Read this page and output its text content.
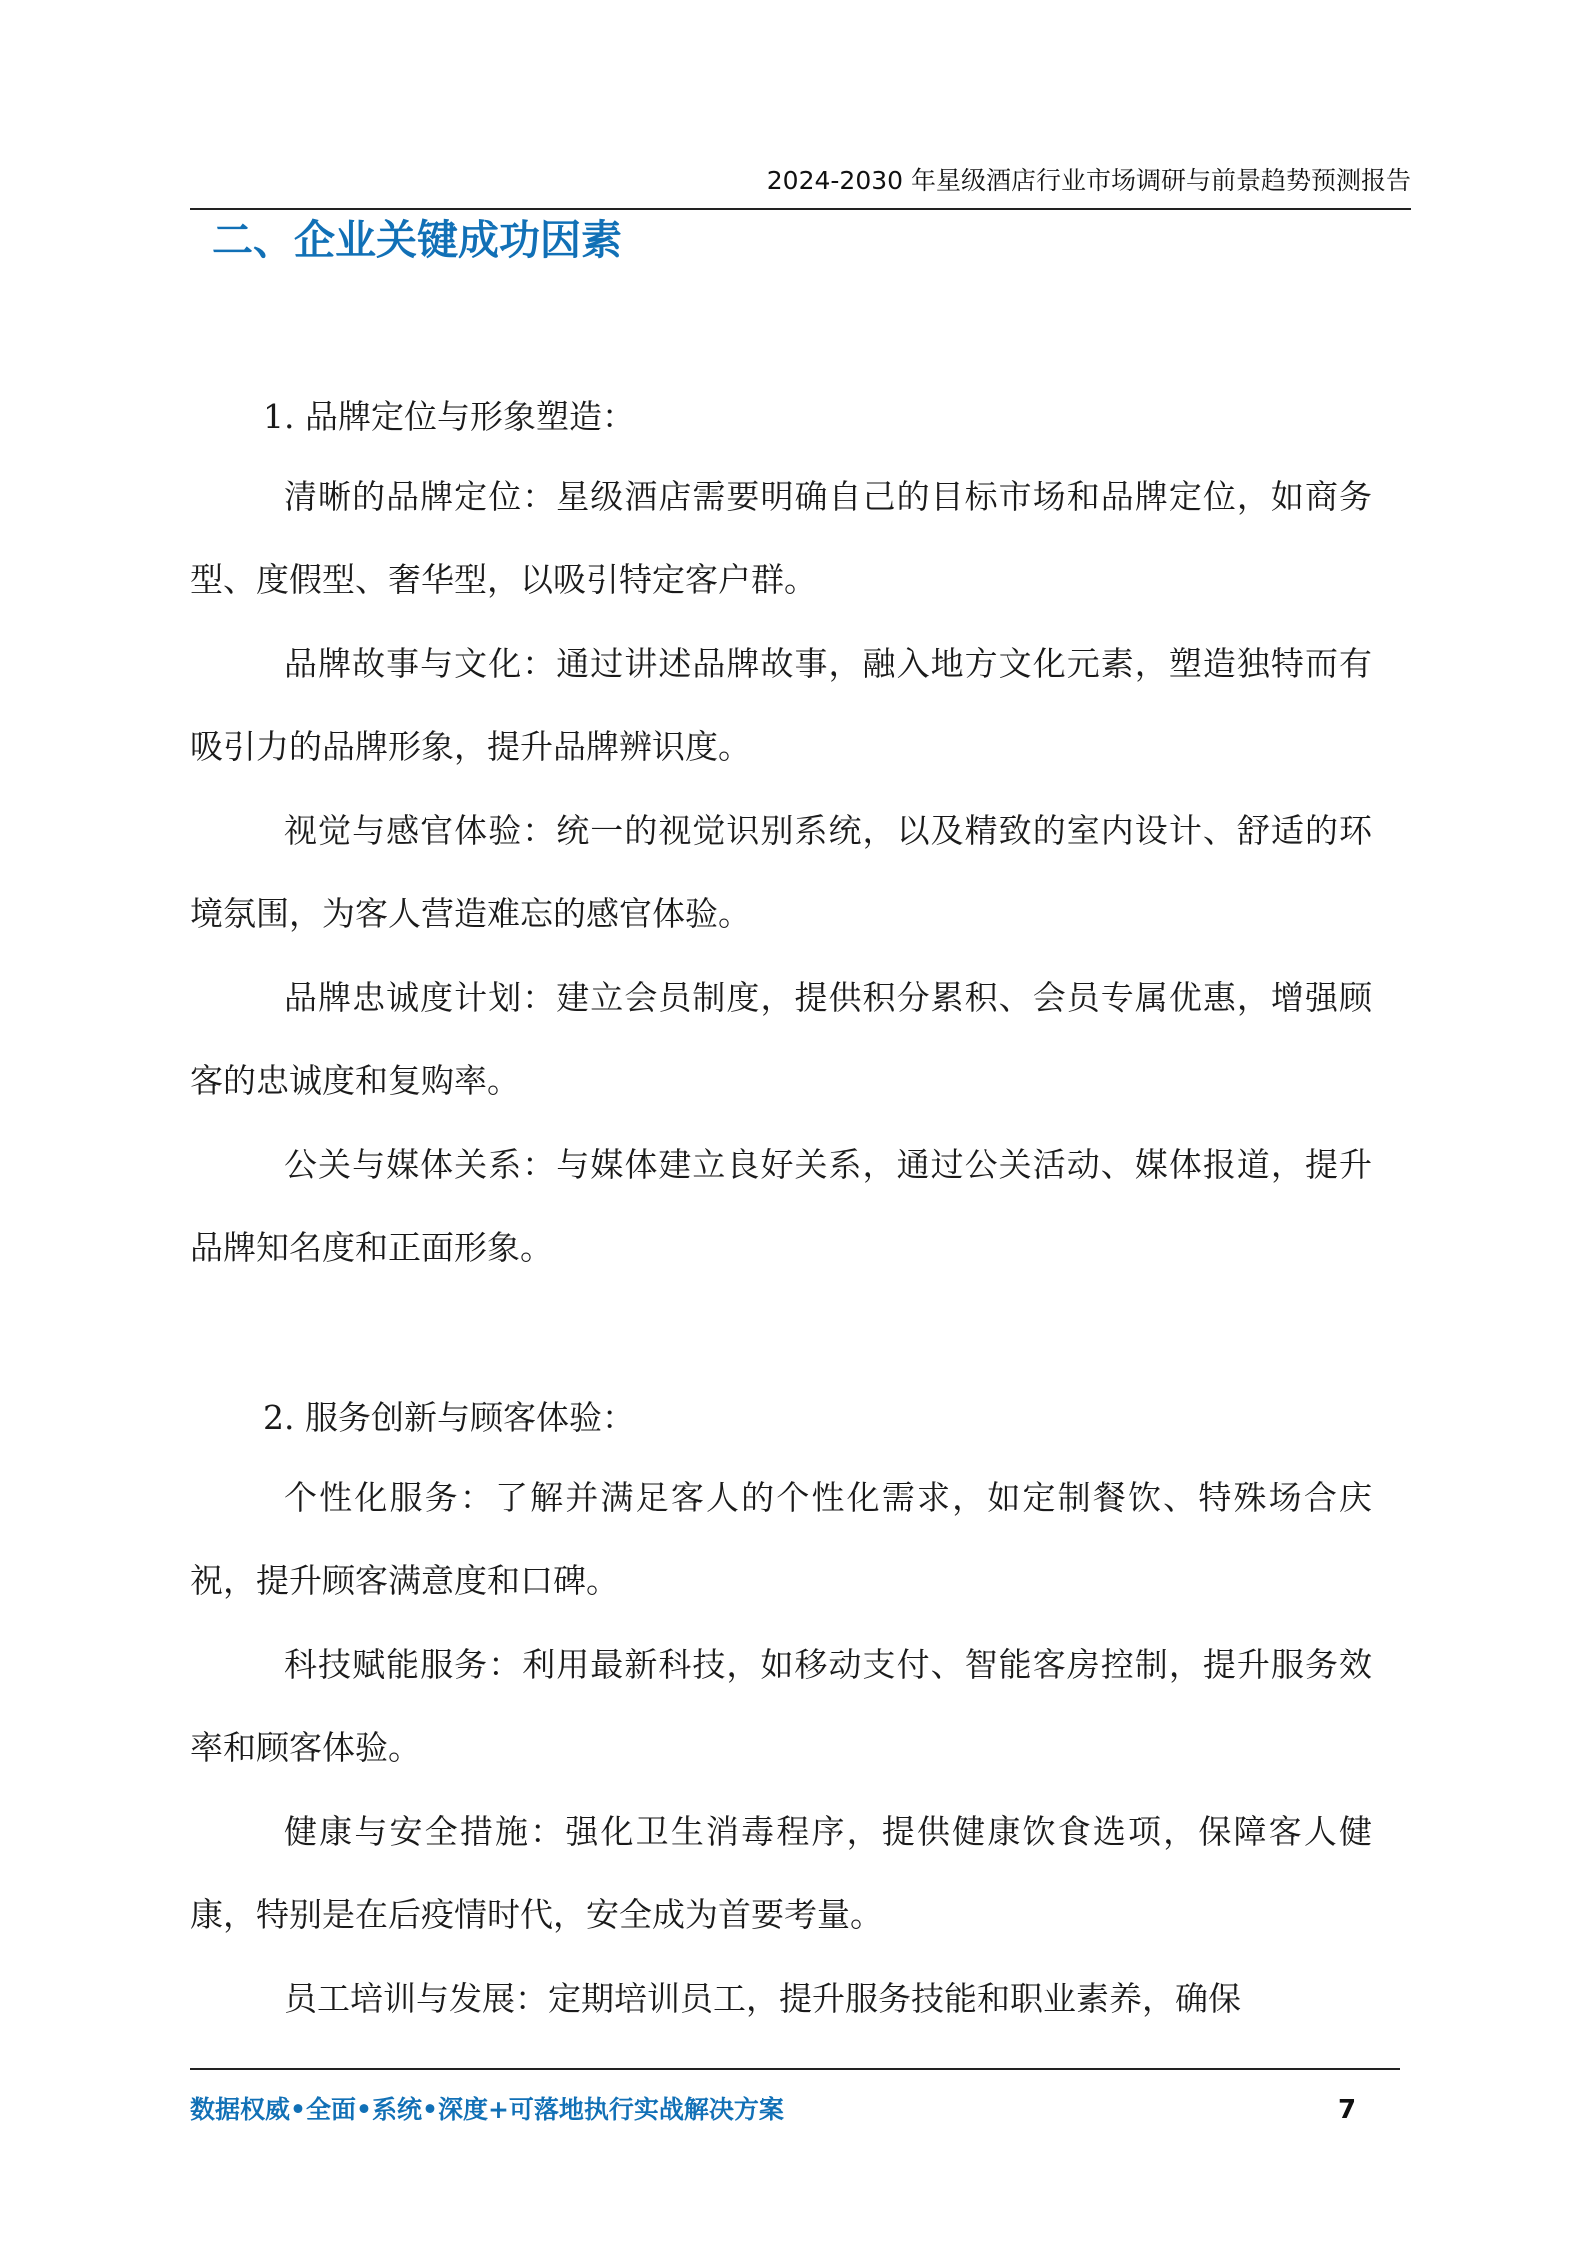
2024-2030 年星级酒店行业市场调研与前景趋势预测报告
二、企业关键成功因素
1. 品牌定位与形象塑造：

清晰的品牌定位：星级酒店需要明确自己的目标市场和品牌定位，如商务型、度假型、奢华型，以吸引特定客户群。

品牌故事与文化：通过讲述品牌故事，融入地方文化元素，塑造独特而有吸引力的品牌形象，提升品牌辨识度。

视觉与感官体验：统一的视觉识别系统，以及精致的室内设计、舒适的环境氛围，为客人营造难忘的感官体验。

品牌忠诚度计划：建立会员制度，提供积分累积、会员专属优惠，增强顾客的忠诚度和复购率。

公关与媒体关系：与媒体建立良好关系，通过公关活动、媒体报道，提升品牌知名度和正面形象。

2. 服务创新与顾客体验：

个性化服务：了解并满足客人的个性化需求，如定制餐饮、特殊场合庆祝，提升顾客满意度和口碑。

科技赋能服务：利用最新科技，如移动支付、智能客房控制，提升服务效率和顾客体验。

健康与安全措施：强化卫生消毒程序，提供健康饮食选项，保障客人健康，特别是在后疫情时代，安全成为首要考量。

员工培训与发展：定期培训员工，提升服务技能和职业素养，确保

数据权威•全面•系统•深度+可落地执行实战解决方案	7
